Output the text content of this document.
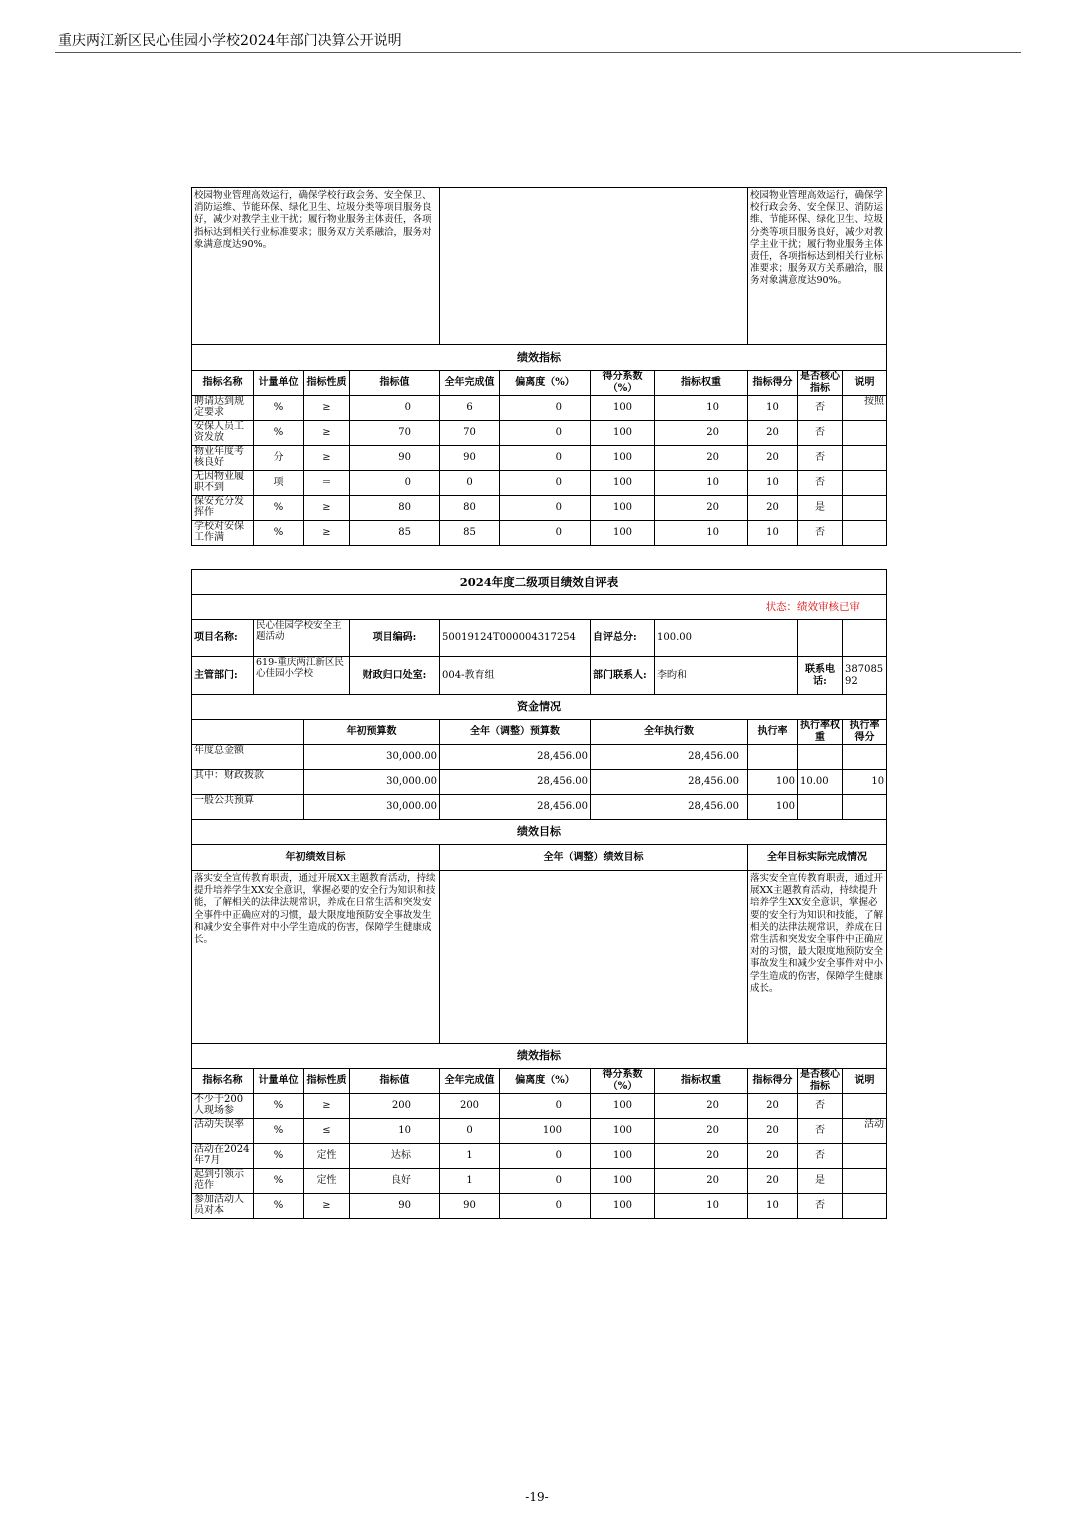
重庆两江新区民心佳园小学校2024年部门决算公开说明
校园物业管理高效运行，确保学校行政会务、安全保卫、消防运维、节能环保、绿化卫生、垃圾分类等项目服务良好，减少对教学主业干扰；履行物业服务主体责任，各项指标达到相关行业标准要求；服务双方关系融洽，服务对象满意度达90%。								校园物业管理高效运行，确保学校行政会务、安全保卫、消防运维、节能环保、绿化卫生、垃圾分类等项目服务良好，减少对教学主业干扰；履行物业服务主体责任，各项指标达到相关行业标准要求；服务双方关系融洽，服务对象满意度达90%。		
绩效指标										
指标名称	计量单位	指标性质	指标值	全年完成值	偏离度（%）	得分系数（%）	指标权重	指标得分	是否核心指标	说明
聘请达到规定要求	%	≥	0	6	0	100	10	10	否	按照
安保人员工资发放	%	≥	70	70	0	100	20	20	否	
物业年度考核良好	分	≥	90	90	0	100	20	20	否	
无因物业履职不到	项	＝	0	0	0	100	10	10	否	
保安充分发挥作	%	≥	80	80	0	100	20	20	是	
学校对安保工作满	%	≥	85	85	0	100	10	10	否	
2024年度二级项目绩效自评表										
状态：绩效审核已审										
项目名称:	民心佳园学校安全主题活动		项目编码:	50019124T000004317254		自评总分:	100.00			
主管部门:	619-重庆两江新区民心佳园小学校		财政归口处室:	004-教育组		部门联系人:	李昀和		联系电话:	38708592
资金情况										
		年初预算数		全年（调整）预算数		全年执行数		执行率	执行率权重	执行率得分
年度总金额		30,000.00		28,456.00		28,456.00				
其中：财政拨款		30,000.00		28,456.00		28,456.00		100	10.00	10
一般公共预算		30,000.00		28,456.00		28,456.00		100		
绩效目标										
年初绩效目标				全年（调整）绩效目标				全年目标实际完成情况		
落实安全宣传教育职责，通过开展XX主题教育活动，持续提升培养学生XX安全意识，掌握必要的安全行为知识和技能，了解相关的法律法规常识，养成在日常生活和突发安全事件中正确应对的习惯，最大限度地预防安全事故发生和减少安全事件对中小学生造成的伤害，保障学生健康成长。								落实安全宣传教育职责，通过开展XX主题教育活动，持续提升培养学生XX安全意识，掌握必要的安全行为知识和技能，了解相关的法律法规常识，养成在日常生活和突发安全事件中正确应对的习惯，最大限度地预防安全事故发生和减少安全事件对中小学生造成的伤害，保障学生健康成长。		
绩效指标										
指标名称	计量单位	指标性质	指标值	全年完成值	偏离度（%）	得分系数（%）	指标权重	指标得分	是否核心指标	说明
不少于200人现场参	%	≥	200	200	0	100	20	20	否	
活动失误率	%	≤	10	0	100	100	20	20	否	活动
活动在2024年7月	%	定性	达标	1	0	100	20	20	否	
起到引领示范作	%	定性	良好	1	0	100	20	20	是	
参加活动人员对本	%	≥	90	90	0	100	10	10	否	
-19-
